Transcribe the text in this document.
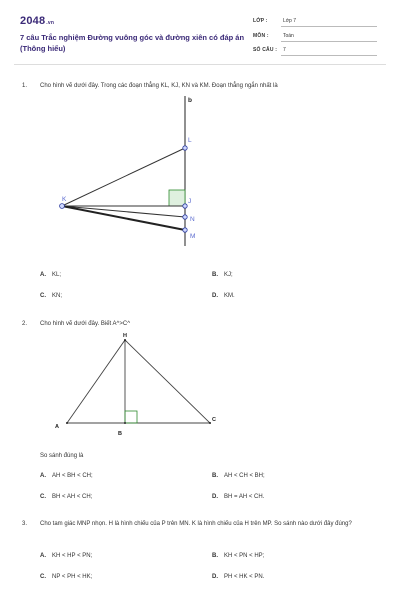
2048.vn
7 câu Trắc nghiệm Đường vuông góc và đường xiên có đáp án (Thông hiểu)
LỚP :	Lớp 7
MÔN :	Toán
SỐ CÂU : 7
1. Cho hình vẽ dưới đây. Trong các đoạn thẳng KL, KJ, KN và KM. Đoạn thẳng ngắn nhất là
b
L
K	J
N
M
H
A
B
C
A. KL;	B. KJ;
C. KN;	D. KM.
2. Cho hình vẽ dưới đây. Biết A^>C^
So sánh đúng là
A. AH < BH < CH;	B. AH < CH < BH;
C. BH < AH < CH;	D. BH = AH < CH.
3. Cho tam giác MNP nhọn. H là hình chiếu của P trên MN. K là hình chiếu của H trên MP. So sánh nào dưới đây đúng?
A. KH < HP < PN;	B. KH < PN < HP;
C. NP < PH < HK;	D. PH < HK < PN.
